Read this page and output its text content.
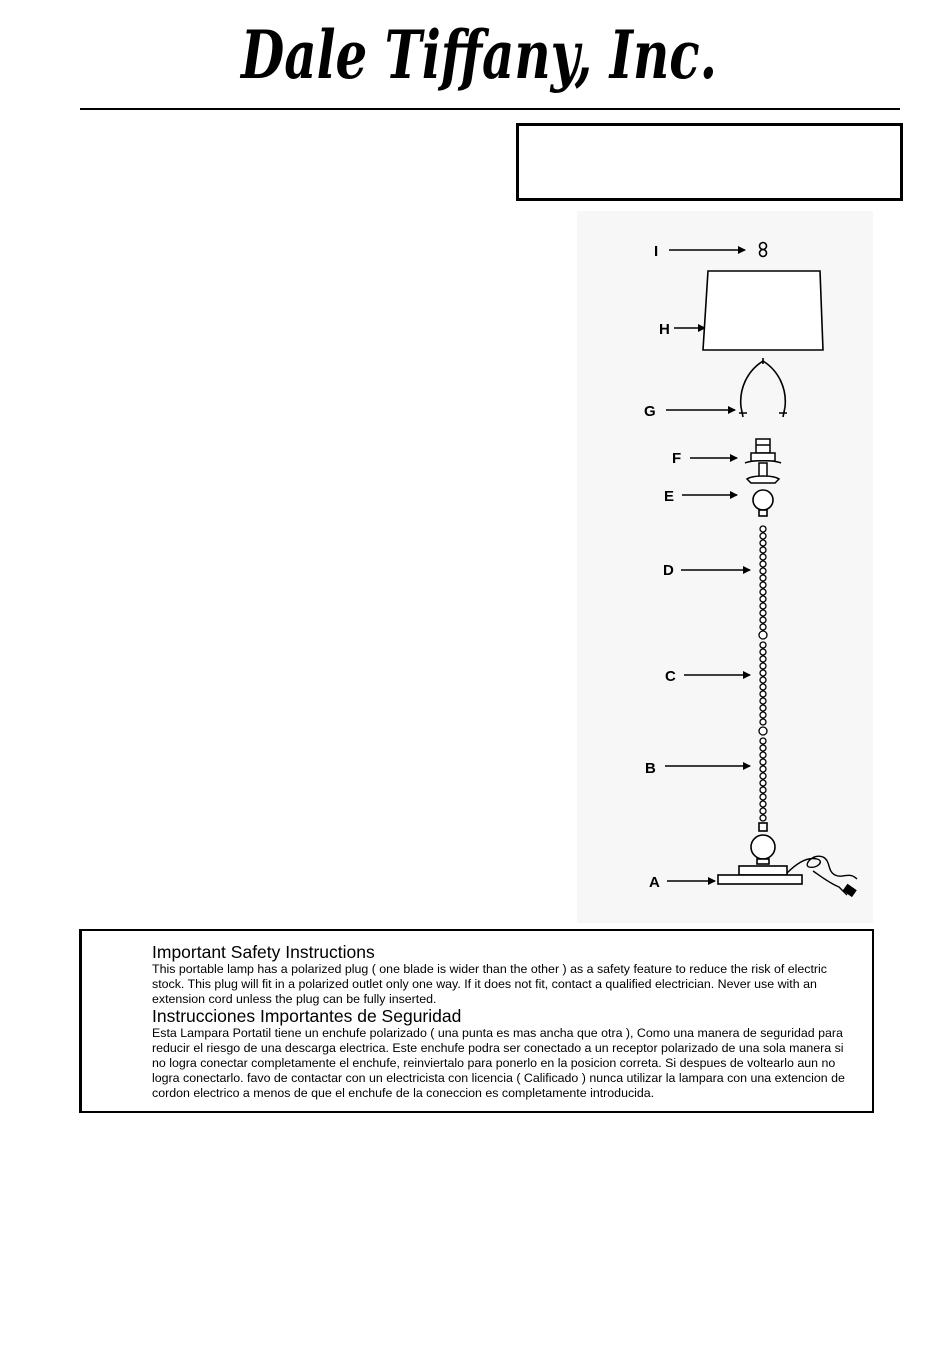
Dale Tiffany, Inc.
I
H
G
F
E
D
C
B
A

Important Safety Instructions

This portable lamp has a polarized plug ( one blade is wider than the other ) as a safety feature to reduce the risk of electric stock. This plug will fit in a polarized outlet only one way. If it does not fit, contact a qualified electrician. Never use with an extension cord unless the plug can be fully inserted.

Instrucciones Importantes de Seguridad

Esta Lampara Portatil tiene un enchufe polarizado ( una punta es mas ancha que otra ), Como una manera de seguridad para reducir el riesgo de una descarga electrica. Este enchufe podra ser conectado a un receptor polarizado de una sola manera si no logra conectar completamente el enchufe, reinviertalo para ponerlo en la posicion correta. Si despues de voltearlo aun no logra conectarlo. favo de contactar con un electricista con licencia ( Calificado ) nunca utilizar la lampara con una extencion de cordon electrico a menos de que el enchufe de la coneccion es completamente introducida.
